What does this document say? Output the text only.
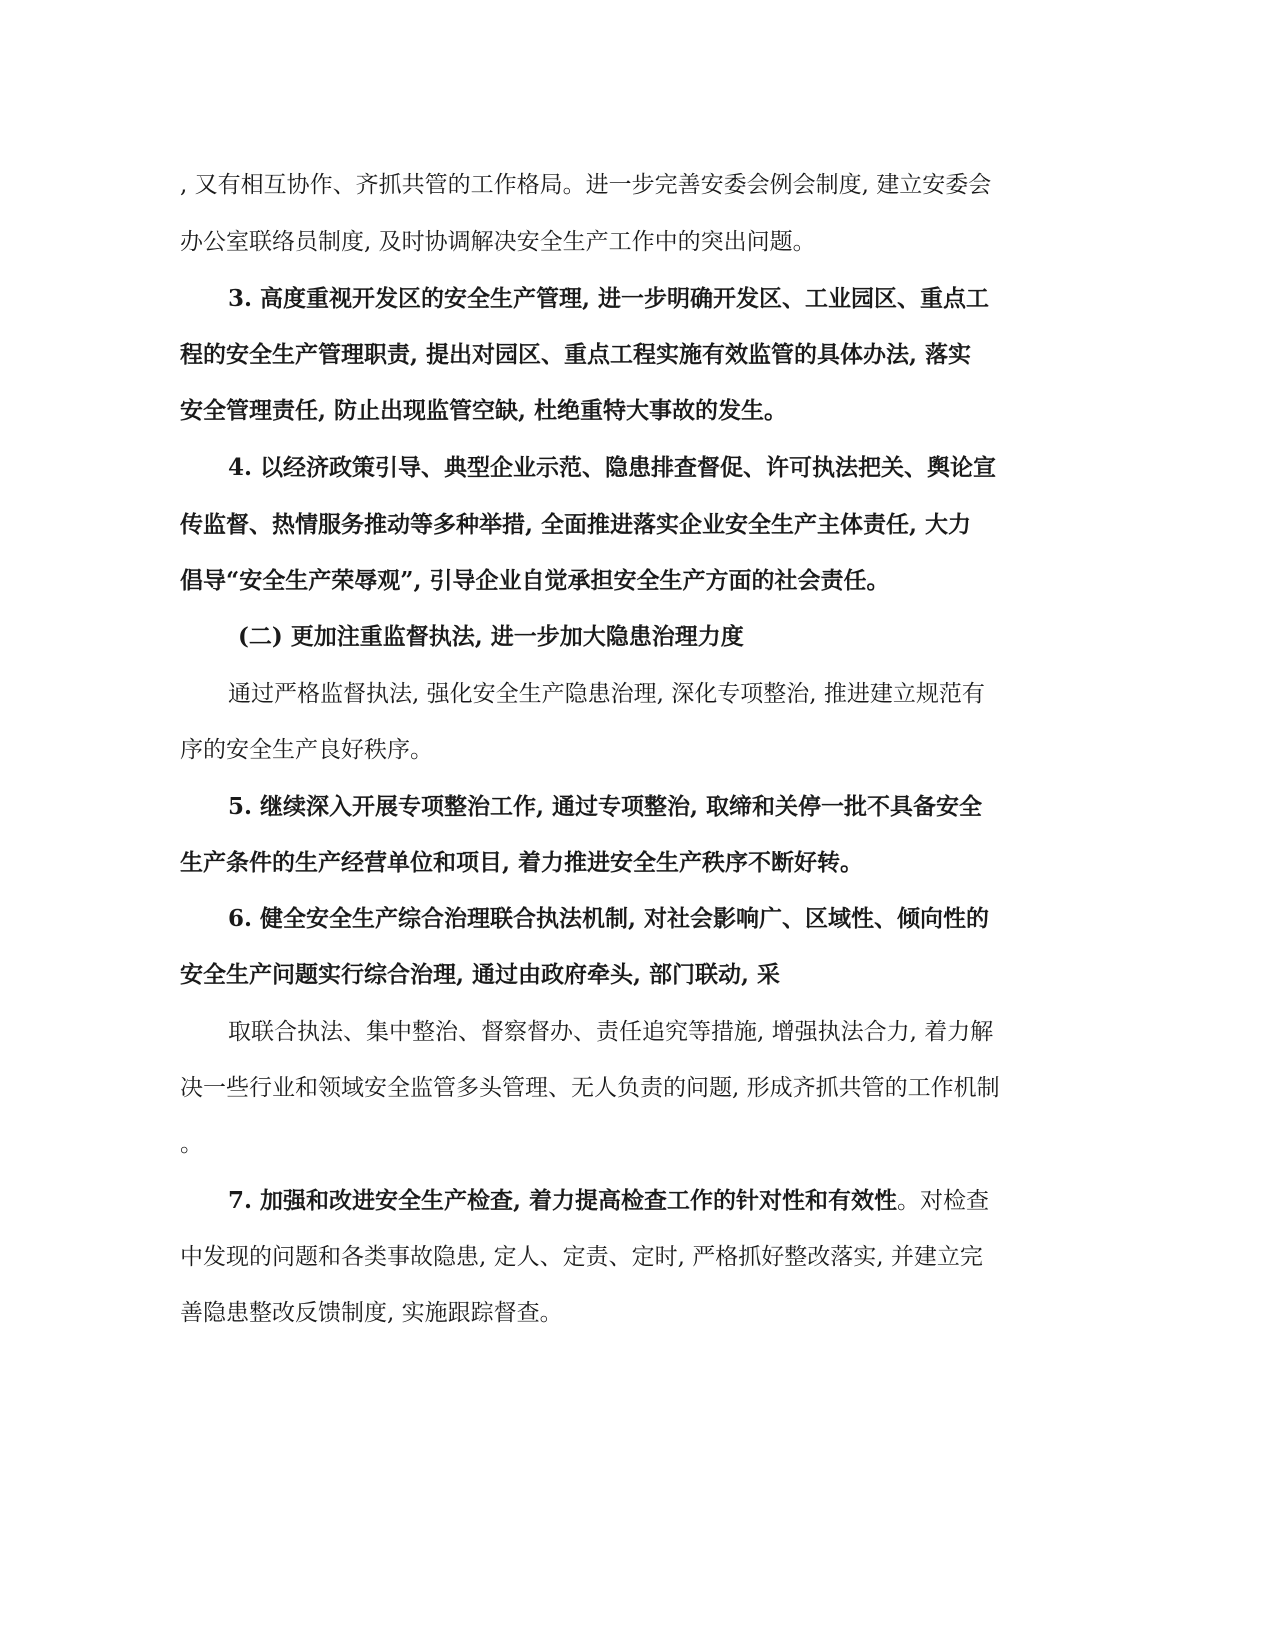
, 又有相互协作、齐抓共管的工作格局。进一步完善安委会例会制度, 建立安委会
办公室联络员制度, 及时协调解决安全生产工作中的突出问题。
3. 高度重视开发区的安全生产管理, 进一步明确开发区、工业园区、重点工
程的安全生产管理职责, 提出对园区、重点工程实施有效监管的具体办法, 落实
安全管理责任, 防止出现监管空缺, 杜绝重特大事故的发生。
4. 以经济政策引导、典型企业示范、隐患排查督促、许可执法把关、舆论宣
传监督、热情服务推动等多种举措, 全面推进落实企业安全生产主体责任, 大力
倡导“安全生产荣辱观”, 引导企业自觉承担安全生产方面的社会责任。
(二) 更加注重监督执法, 进一步加大隐患治理力度
通过严格监督执法, 强化安全生产隐患治理, 深化专项整治, 推进建立规范有
序的安全生产良好秩序。
5. 继续深入开展专项整治工作, 通过专项整治, 取缔和关停一批不具备安全
生产条件的生产经营单位和项目, 着力推进安全生产秩序不断好转。
6. 健全安全生产综合治理联合执法机制, 对社会影响广、区域性、倾向性的
安全生产问题实行综合治理, 通过由政府牵头, 部门联动, 采
取联合执法、集中整治、督察督办、责任追究等措施, 增强执法合力, 着力解
决一些行业和领域安全监管多头管理、无人负责的问题, 形成齐抓共管的工作机制
。
7. 加强和改进安全生产检查, 着力提高检查工作的针对性和有效性。对检查
中发现的问题和各类事故隐患, 定人、定责、定时, 严格抓好整改落实, 并建立完
善隐患整改反馈制度, 实施跟踪督查。
